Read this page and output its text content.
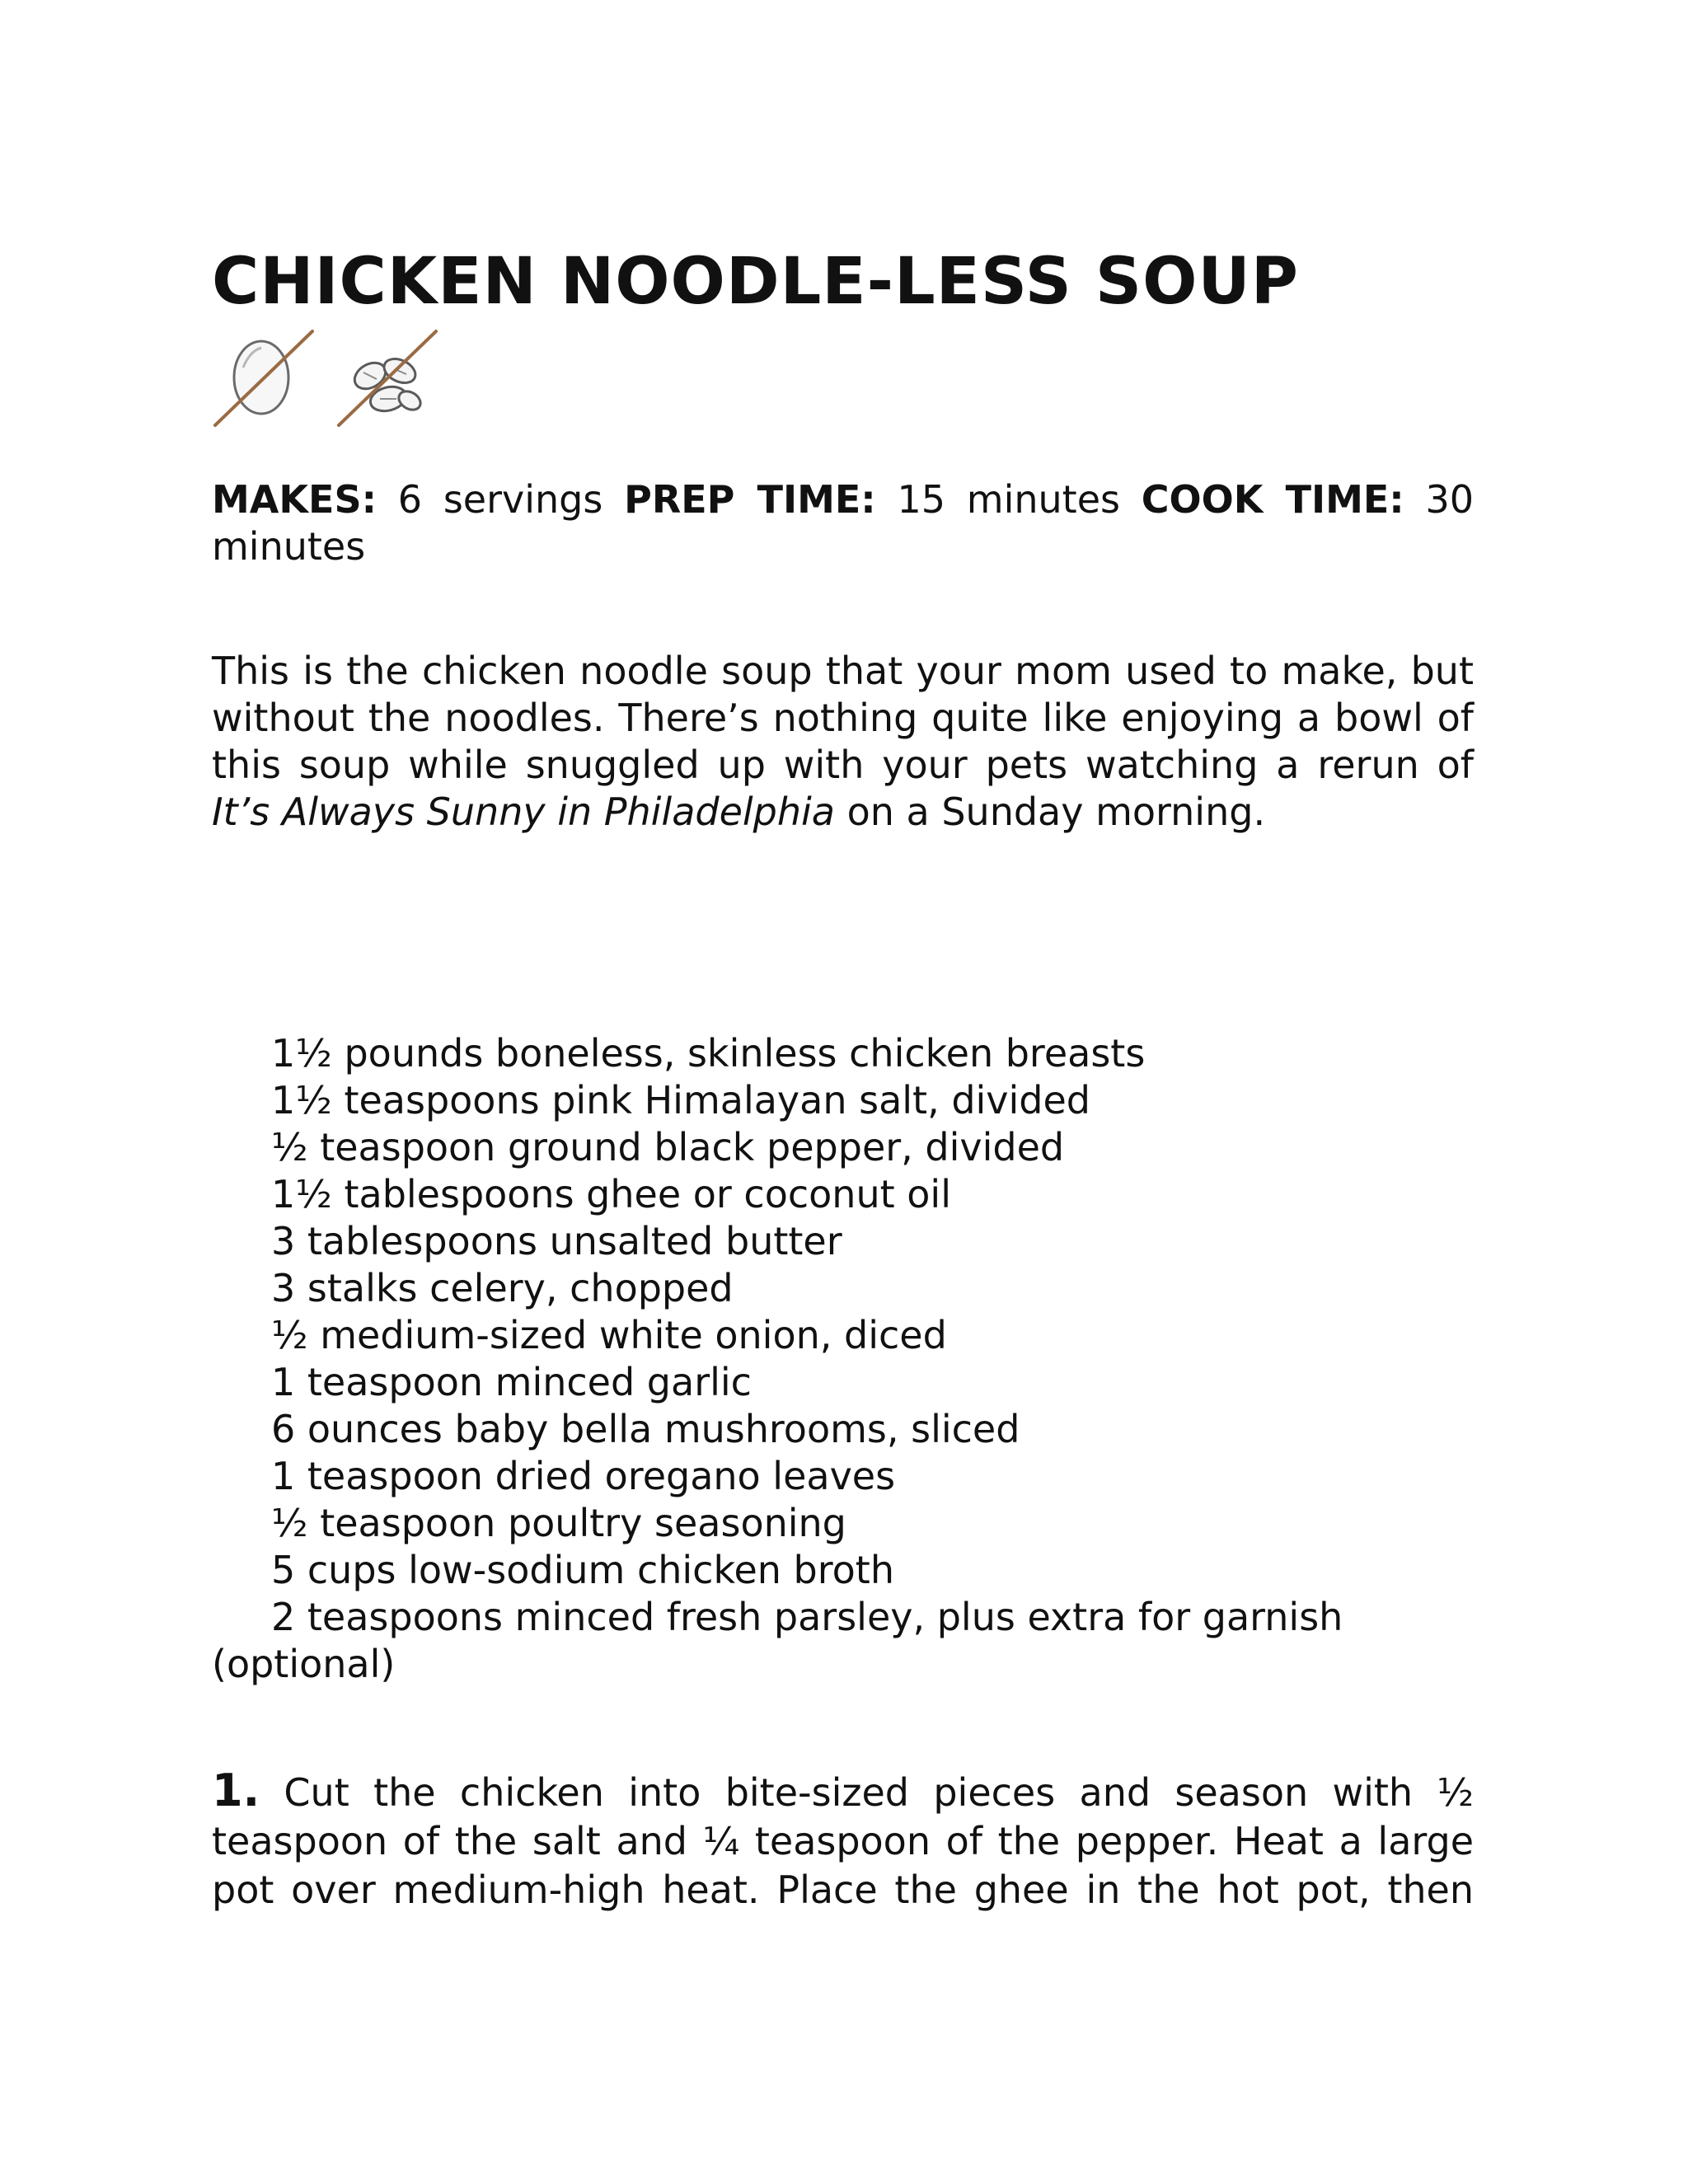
CHICKEN NOODLE-LESS SOUP

MAKES: 6 servings PREP TIME: 15 minutes COOK TIME: 30 minutes

This is the chicken noodle soup that your mom used to make, but without the noodles. There’s nothing quite like enjoying a bowl of this soup while snuggled up with your pets watching a rerun of It’s Always Sunny in Philadelphia on a Sunday morning.

1½ pounds boneless, skinless chicken breasts
1½ teaspoons pink Himalayan salt, divided
½ teaspoon ground black pepper, divided
1½ tablespoons ghee or coconut oil
3 tablespoons unsalted butter
3 stalks celery, chopped
½ medium-sized white onion, diced
1 teaspoon minced garlic
6 ounces baby bella mushrooms, sliced
1 teaspoon dried oregano leaves
½ teaspoon poultry seasoning
5 cups low-sodium chicken broth
2 teaspoons minced fresh parsley, plus extra for garnish (optional)

1. Cut the chicken into bite-sized pieces and season with ½ teaspoon of the salt and ¼ teaspoon of the pepper. Heat a large pot over medium-high heat. Place the ghee in the hot pot, then
